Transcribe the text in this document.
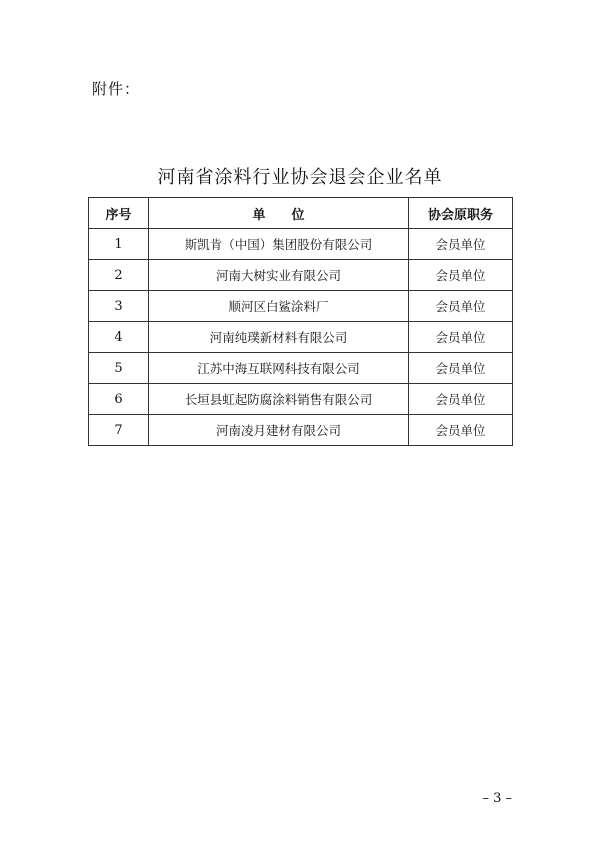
附件：
河南省涂料行业协会退会企业名单
序号	单　　位	协会原职务
1	斯凯肯（中国）集团股份有限公司	会员单位
2	河南大树实业有限公司	会员单位
3	顺河区白鲨涂料厂	会员单位
4	河南纯璞新材料有限公司	会员单位
5	江苏中海互联网科技有限公司	会员单位
6	长垣县虹起防腐涂料销售有限公司	会员单位
7	河南凌月建材有限公司	会员单位
– 3 –
